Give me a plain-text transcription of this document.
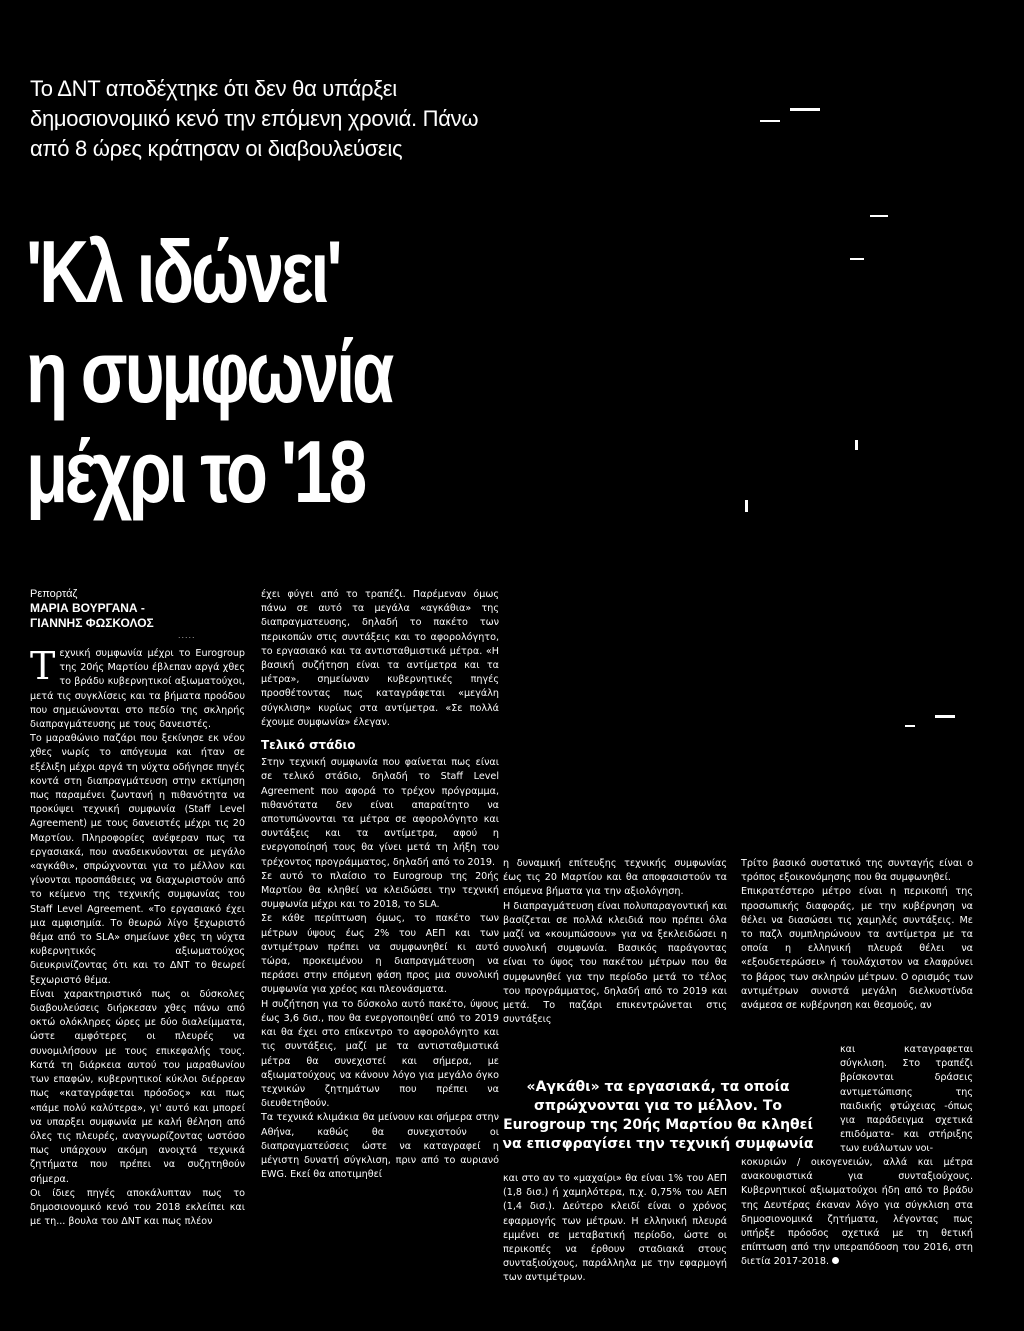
Το ΔΝΤ αποδέχτηκε ότι δεν θα υπάρξει δημοσιονομικό κενό την επόμενη χρονιά. Πάνω από 8 ώρες κράτησαν οι διαβουλεύσεις
'Κλ ιδώνει'
η συμφωνία
μέχρι το '18
Ρεπορτάζ
ΜΑΡΙΑ ΒΟΥΡΓΑΝΑ -
ΓΙΑΝΝΗΣ ΦΩΣΚΟΛΟΣ
.....

Τεχνική συμφωνία μέχρι το Eurogroup της 20ής Μαρτίου έβλεπαν αργά χθες το βράδυ κυβερνητικοί αξιωματούχοι, μετά τις συγκλίσεις και τα βήματα προόδου που σημειώνονται στο πεδίο της σκληρής διαπραγμάτευσης με τους δανειστές.

Το μαραθώνιο παζάρι που ξεκίνησε εκ νέου χθες νωρίς το απόγευμα και ήταν σε εξέλιξη μέχρι αργά τη νύχτα οδήγησε πηγές κοντά στη διαπραγμάτευση στην εκτίμηση πως παραμένει ζωντανή η πιθανότητα να προκύψει τεχνική συμφωνία (Staff Level Agreement) με τους δανειστές μέχρι τις 20 Μαρτίου. Πληροφορίες ανέφεραν πως τα εργασιακά, που αναδεικνύονται σε μεγάλο «αγκάθι», σπρώχνονται για το μέλλον και γίνονται προσπάθειες να διαχωριστούν από το κείμενο της τεχνικής συμφωνίας του Staff Level Agreement. «Το εργασιακό έχει μια αμφισημία. Το θεωρώ λίγο ξεχωριστό θέμα από το SLA» σημείωνε χθες τη νύχτα κυβερνητικός αξιωματούχος διευκρινίζοντας ότι και το ΔΝΤ το θεωρεί ξεχωριστό θέμα.

Είναι χαρακτηριστικό πως οι δύσκολες διαβουλεύσεις διήρκεσαν χθες πάνω από οκτώ ολόκληρες ώρες με δύο διαλείμματα, ώστε αμφότερες οι πλευρές να συνομιλήσουν με τους επικεφαλής τους. Κατά τη διάρκεια αυτού του μαραθωνίου των επαφών, κυβερνητικοί κύκλοι διέρρεαν πως «καταγράφεται πρόοδος» και πως «πάμε πολύ καλύτερα», γι' αυτό και μπορεί να υπαρξει συμφωνία με καλή θέληση από όλες τις πλευρές, αναγνωρίζοντας ωστόσο πως υπάρχουν ακόμη ανοιχτά τεχνικά ζητήματα που πρέπει να συζητηθούν σήμερα.

Οι ίδιες πηγές αποκάλυπταν πως το δημοσιονομικό κενό του 2018 εκλείπει και με τη... βουλα του ΔΝΤ και πως πλέον

έχει φύγει από το τραπέζι. Παρέμεναν όμως πάνω σε αυτό τα μεγάλα «αγκάθια» της διαπραγματευσης, δηλαδή το πακέτο των περικοπών στις συντάξεις και το αφορολόγητο, το εργασιακό και τα αντισταθμιστικά μέτρα. «Η βασική συζήτηση είναι τα αντίμετρα και τα μέτρα», σημείωναν κυβερνητικές πηγές προσθέτοντας πως καταγράφεται «μεγάλη σύγκλιση» κυρίως στα αντίμετρα. «Σε πολλά έχουμε συμφωνία» έλεγαν.

Τελικό στάδιο

Στην τεχνική συμφωνία που φαίνεται πως είναι σε τελικό στάδιο, δηλαδή το Staff Level Agreement που αφορά το τρέχον πρόγραμμα, πιθανότατα δεν είναι απαραίτητο να αποτυπώνονται τα μέτρα σε αφορολόγητο και συντάξεις και τα αντίμετρα, αφού η ενεργοποίησή τους θα γίνει μετά τη λήξη του τρέχοντος προγράμματος, δηλαδή από το 2019.

Σε αυτό το πλαίσιο το Eurogroup της 20ής Μαρτίου θα κληθεί να κλειδώσει την τεχνική συμφωνία μέχρι και το 2018, το SLA.

Σε κάθε περίπτωση όμως, το πακέτο των μέτρων ύψους έως 2% του ΑΕΠ και των αντιμέτρων πρέπει να συμφωνηθεί κι αυτό τώρα, προκειμένου η διαπραγμάτευση να περάσει στην επόμενη φάση προς μια συνολική συμφωνία για χρέος και πλεονάσματα.

Η συζήτηση για το δύσκολο αυτό πακέτο, ύψους έως 3,6 δισ., που θα ενεργοποιηθεί από το 2019 και θα έχει στο επίκεντρο το αφορολόγητο και τις συντάξεις, μαζί με τα αντισταθμιστικά μέτρα θα συνεχιστεί και σήμερα, με αξιωματούχους να κάνουν λόγο για μεγάλο όγκο τεχνικών ζητημάτων που πρέπει να διευθετηθούν.

Τα τεχνικά κλιμάκια θα μείνουν και σήμερα στην Αθήνα, καθώς θα συνεχιστούν οι διαπραγματεύσεις ώστε να καταγραφεί η μέγιστη δυνατή σύγκλιση, πριν από το αυριανό EWG. Εκεί θα αποτιμηθεί

η δυναμική επίτευξης τεχνικής συμφωνίας έως τις 20 Μαρτίου και θα αποφασιστούν τα επόμενα βήματα για την αξιολόγηση.

Η διαπραγμάτευση είναι πολυπαραγοντική και βασίζεται σε πολλά κλειδιά που πρέπει όλα μαζί να «κουμπώσουν» για να ξεκλειδώσει η συνολική συμφωνία. Βασικός παράγοντας είναι το ύψος του πακέτου μέτρων που θα συμφωνηθεί για την περίοδο μετά το τέλος του προγράμματος, δηλαδή από το 2019 και μετά. Το παζάρι επικεντρώνεται στις συντάξεις

Τρίτο βασικό συστατικό της συνταγής είναι ο τρόπος εξοικονόμησης που θα συμφωνηθεί.

Επικρατέστερο μέτρο είναι η περικοπή της προσωπικής διαφοράς, με την κυβέρνηση να θέλει να διασώσει τις χαμηλές συντάξεις. Με το παζλ συμπληρώνουν τα αντίμετρα με τα οποία η ελληνική πλευρά θέλει να «εξουδετερώσει» ή τουλάχιστον να ελαφρύνει το βάρος των σκληρών μέτρων. Ο ορισμός των αντιμέτρων συνιστά μεγάλη διελκυστίνδα ανάμεσα σε κυβέρνηση και θεσμούς, αν

και καταγραφεται σύγκλιση. Στο τραπέζι βρίσκονται δράσεις αντιμετώπισης της παιδικής φτώχειας -όπως για παράδειγμα σχετικά επιδόματα- και στήριξης των ευάλωτων νοι-

«Αγκάθι» τα εργασιακά, τα οποία
σπρώχνονται για το μέλλον. Το
Eurogroup της 20ής Μαρτίου θα κληθεί
να επισφραγίσει την τεχνική συμφωνία

και στο αν το «μαχαίρι» θα είναι 1% του ΑΕΠ (1,8 δισ.) ή χαμηλότερα, π.χ. 0,75% του ΑΕΠ (1,4 δισ.). Δεύτερο κλειδί είναι ο χρόνος εφαρμογής των μέτρων. Η ελληνική πλευρά εμμένει σε μεταβατική περίοδο, ώστε οι περικοπές να έρθουν σταδιακά στους συνταξιούχους, παράλληλα με την εφαρμογή των αντιμέτρων.

κοκυριών / οικογενειών, αλλά και μέτρα ανακουφιστικά για συνταξιούχους. Κυβερνητικοί αξιωματούχοι ήδη από το βράδυ της Δευτέρας έκαναν λόγο για σύγκλιση στα δημοσιονομικά ζητήματα, λέγοντας πως υπήρξε πρόοδος σχετικά με τη θετική επίπτωση από την υπεραπόδοση του 2016, στη διετία 2017-2018.
